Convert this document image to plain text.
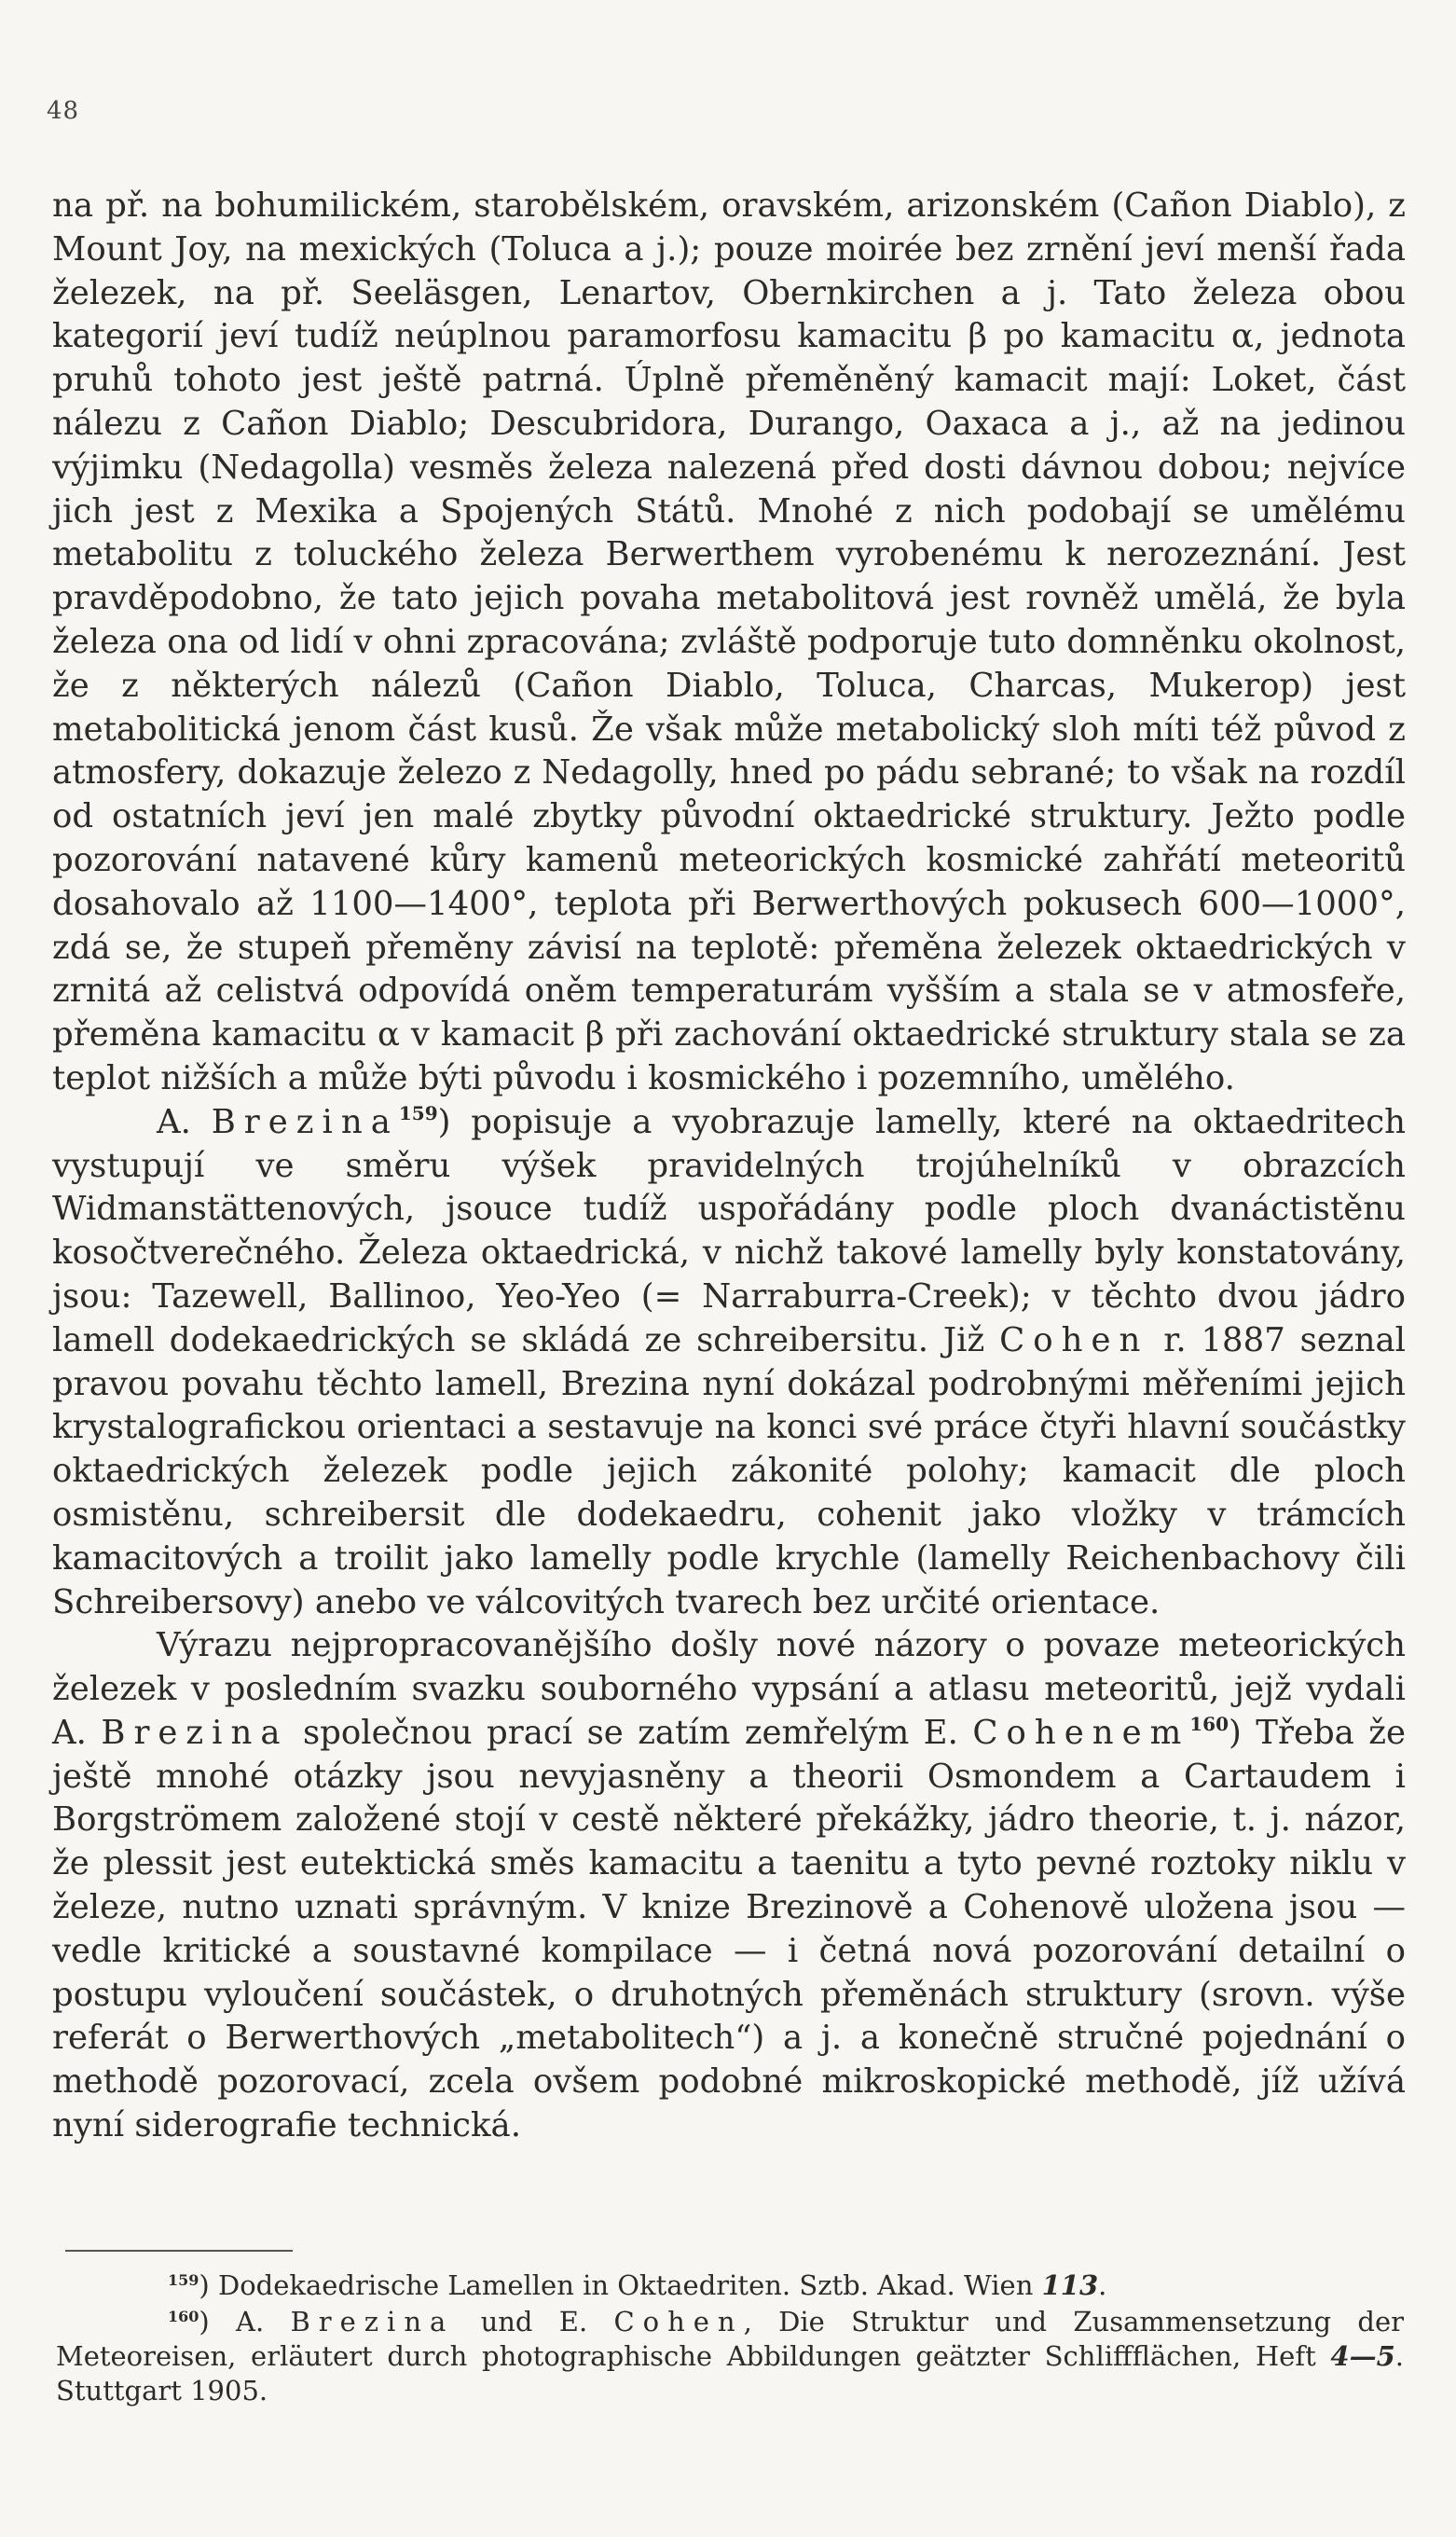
48

na př. na bohumilickém, starobělském, oravském, arizonském (Cañon Diablo), z Mount Joy, na mexických (Toluca a j.); pouze moirée bez zrnění jeví menší řada železek, na př. Seeläsgen, Lenartov, Obernkirchen a j. Tato železa obou kategorií jeví tudíž neúplnou paramorfosu kamacitu β po kamacitu α, jednota pruhů tohoto jest ještě patrná. Úplně přeměněný kamacit mají: Loket, část nálezu z Cañon Diablo; Descubridora, Durango, Oaxaca a j., až na jedinou výjimku (Nedagolla) vesměs železa nalezená před dosti dávnou dobou; nejvíce jich jest z Mexika a Spojených Států. Mnohé z nich podobají se umělému metabolitu z toluckého železa Berwerthem vyrobenému k nerozeznání. Jest pravděpodobno, že tato jejich povaha metabolitová jest rovněž umělá, že byla železa ona od lidí v ohni zpracována; zvláště podporuje tuto domněnku okolnost, že z některých nálezů (Cañon Diablo, Toluca, Charcas, Mukerop) jest metabolitická jenom část kusů. Že však může metabolický sloh míti též původ z atmosfery, dokazuje železo z Nedagolly, hned po pádu sebrané; to však na rozdíl od ostatních jeví jen malé zbytky původní oktaedrické struktury. Ježto podle pozorování natavené kůry kamenů meteorických kosmické zahřátí meteoritů dosahovalo až 1100—1400°, teplota při Berwerthových pokusech 600—1000°, zdá se, že stupeň přeměny závisí na teplotě: přeměna železek oktaedrických v zrnitá až celistvá odpovídá oněm temperaturám vyšším a stala se v atmosfeře, přeměna kamacitu α v kamacit β při zachování oktaedrické struktury stala se za teplot nižších a může býti původu i kosmického i pozemního, umělého.

A. Brezina$^{159}$) popisuje a vyobrazuje lamelly, které na oktaedritech vystupují ve směru výšek pravidelných trojúhelníků v obrazcích Widmanstättenových, jsouce tudíž uspořádány podle ploch dvanáctistěnu kosočtverečného. Železa oktaedrická, v nichž takové lamelly byly konstatovány, jsou: Tazewell, Ballinoo, Yeo-Yeo (= Narraburra-Creek); v těchto dvou jádro lamell dodekaedrických se skládá ze schreibersitu. Již Cohen r. 1887 seznal pravou povahu těchto lamell, Brezina nyní dokázal podrobnými měřeními jejich krystalografickou orientaci a sestavuje na konci své práce čtyři hlavní součástky oktaedrických železek podle jejich zákonité polohy; kamacit dle ploch osmistěnu, schreibersit dle dodekaedru, cohenit jako vložky v trámcích kamacitových a troilit jako lamelly podle krychle (lamelly Reichenbachovy čili Schreibersovy) anebo ve válcovitých tvarech bez určité orientace.

Výrazu nejpropracovanějšího došly nové názory o povaze meteorických železek v posledním svazku souborného vypsání a atlasu meteoritů, jejž vydali A. Brezina společnou prací se zatím zemřelým E. Cohenem$^{160}$) Třeba že ještě mnohé otázky jsou nevyjasněny a theorii Osmondem a Cartaudem i Borgströmem založené stojí v cestě některé překážky, jádro theorie, t. j. názor, že plessit jest eutektická směs kamacitu a taenitu a tyto pevné roztoky niklu v železe, nutno uznati správným. V knize Brezinově a Cohenově uložena jsou — vedle kritické a soustavné kompilace — i četná nová pozorování detailní o postupu vyloučení součástek, o druhotných přeměnách struktury (srovn. výše referát o Berwerthových „metabolitech“) a j. a konečně stručné pojednání o methodě pozorovací, zcela ovšem podobné mikroskopické methodě, jíž užívá nyní siderografie technická.

$^{159}$) Dodekaedrische Lamellen in Oktaedriten. Sztb. Akad. Wien 113.

$^{160}$) A. Brezina und E. Cohen, Die Struktur und Zusammensetzung der Meteoreisen, erläutert durch photographische Abbildungen geätzter Schliffflächen, Heft 4—5. Stuttgart 1905.
